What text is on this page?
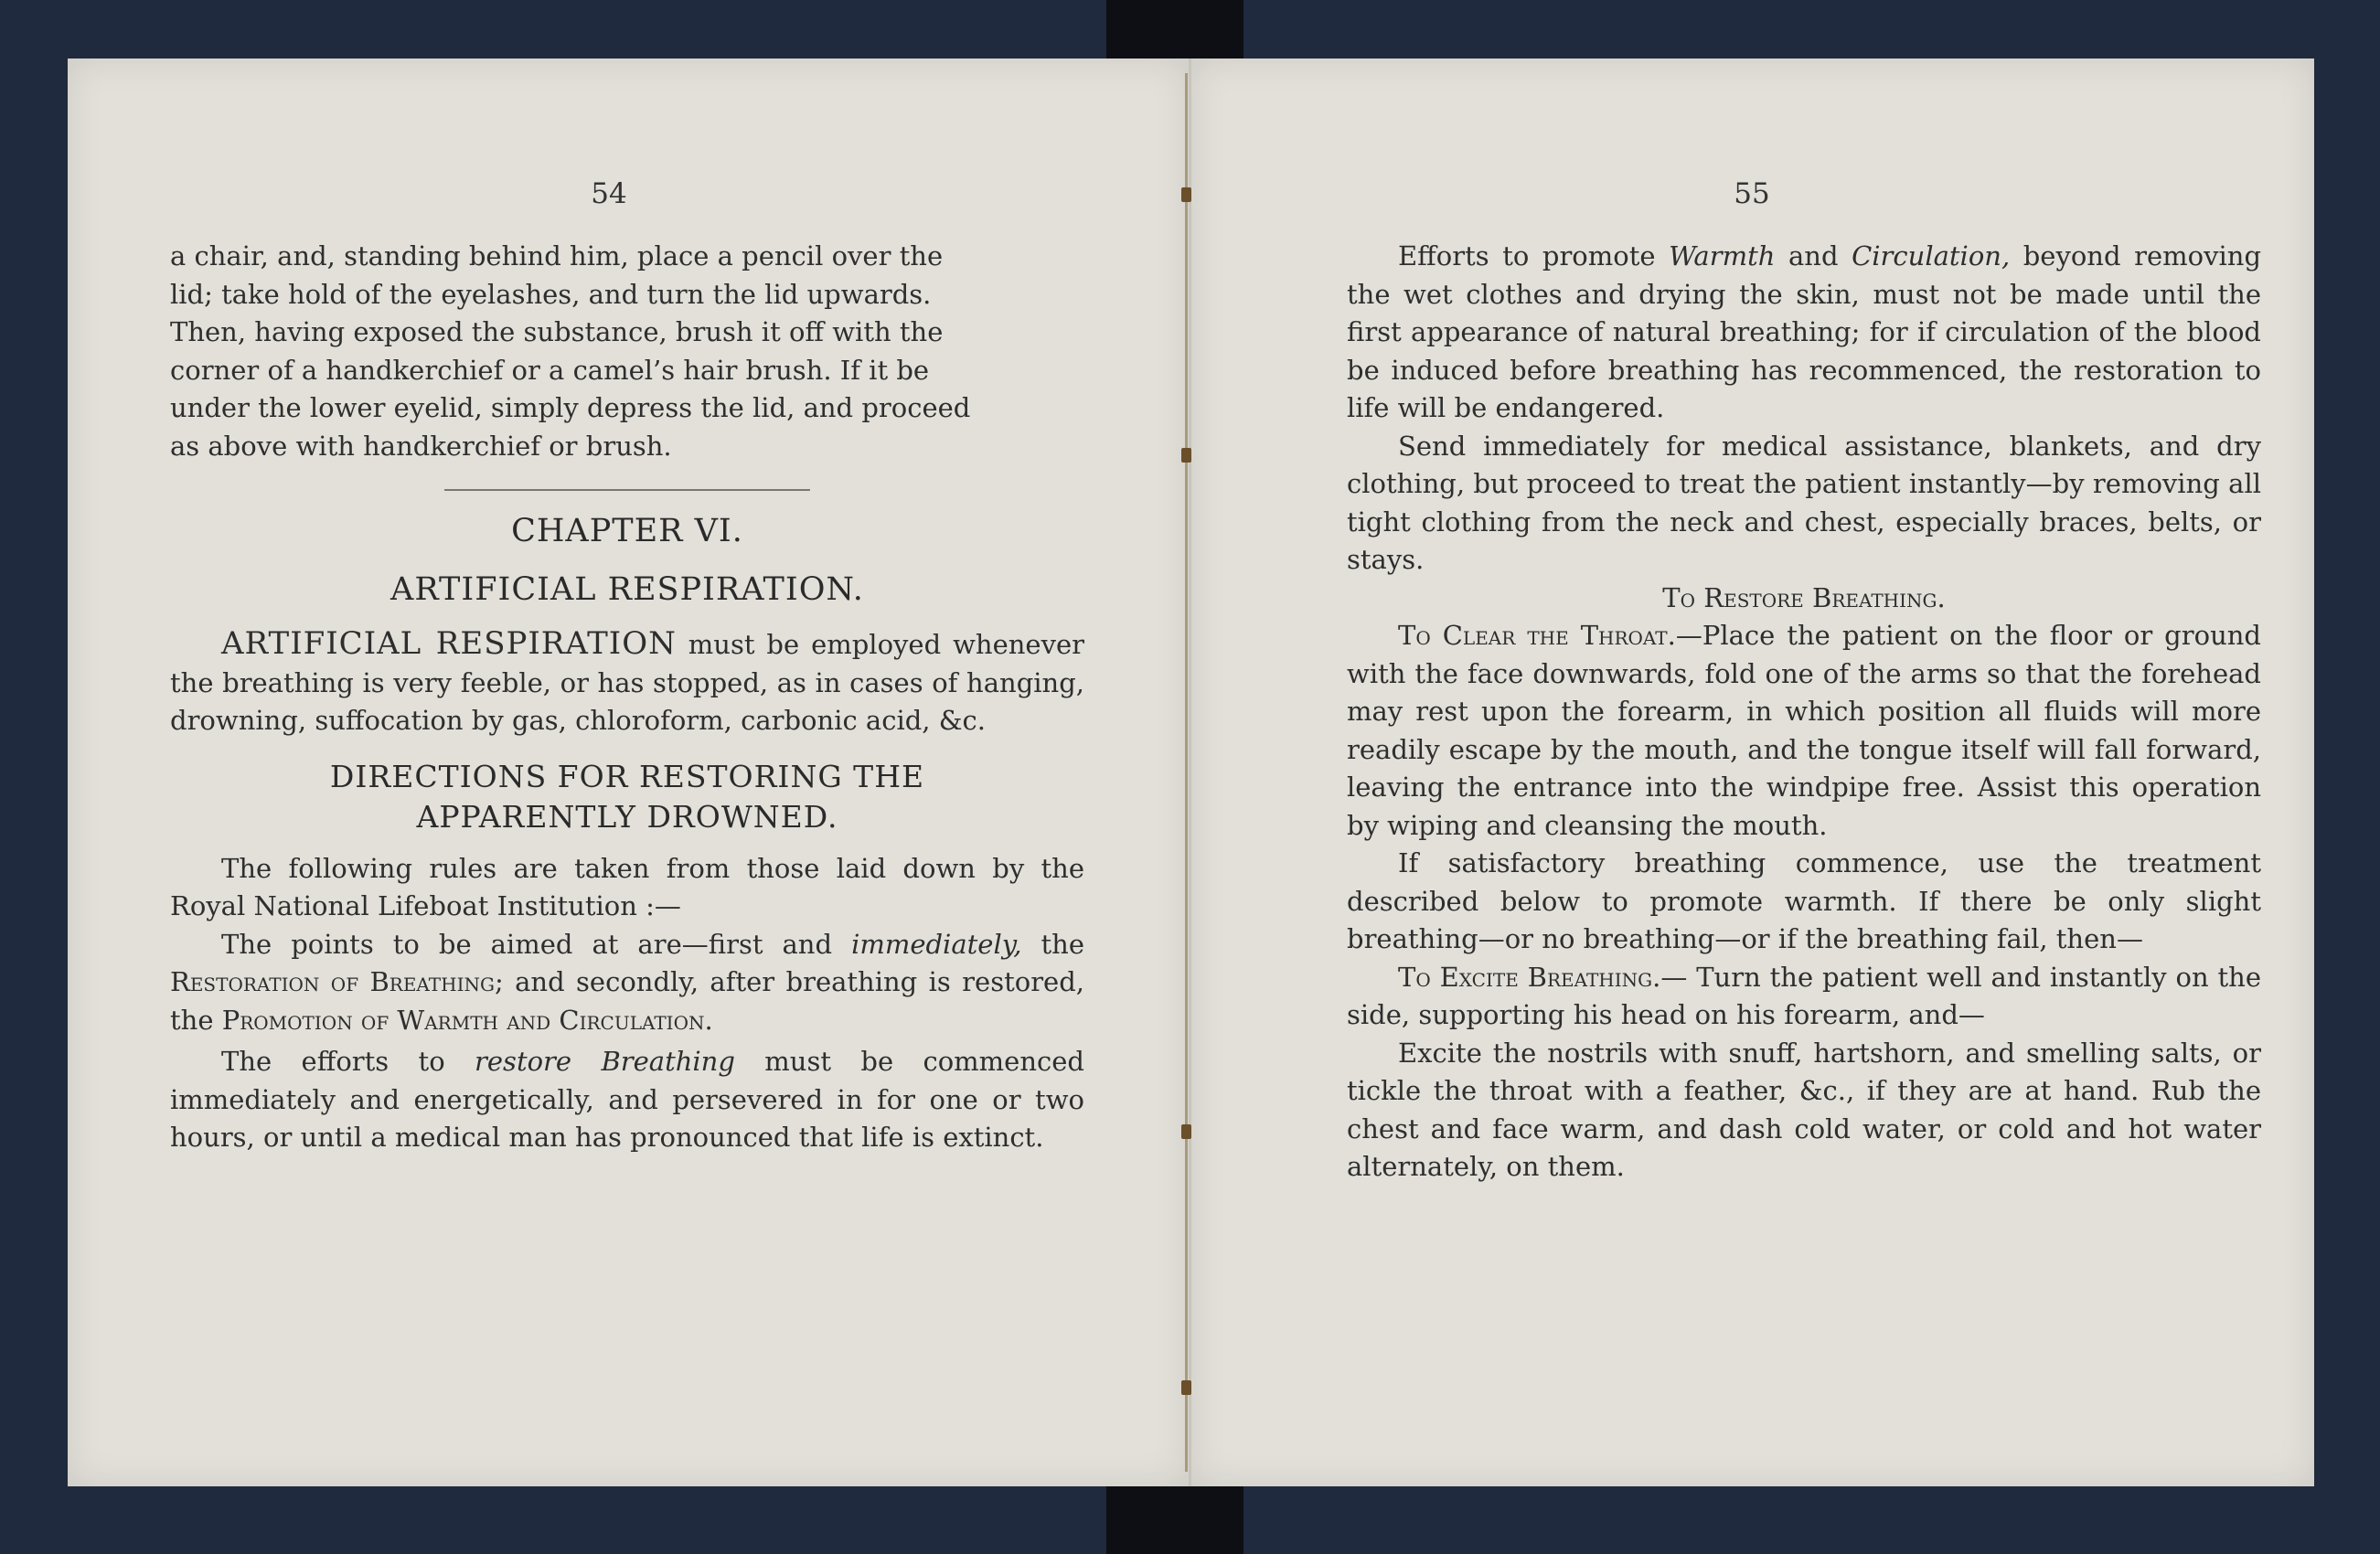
54

a chair, and, standing behind him, place a pencil over the
lid; take hold of the eyelashes, and turn the lid upwards.
Then, having exposed the substance, brush it off with the
corner of a handkerchief or a camel’s hair brush. If it be
under the lower eyelid, simply depress the lid, and proceed
as above with handkerchief or brush.

CHAPTER VI.

ARTIFICIAL RESPIRATION.

ARTIFICIAL RESPIRATION must be employed whenever the breathing is very feeble, or has stopped, as in cases of hanging, drowning, suffocation by gas, chloroform, carbonic acid, &c.

DIRECTIONS FOR RESTORING THE
APPARENTLY DROWNED.

The following rules are taken from those laid down by the Royal National Lifeboat Institution :—

The points to be aimed at are—first and immediately, the Restoration of Breathing; and secondly, after breathing is restored, the Promotion of Warmth and Circulation.

The efforts to restore Breathing must be commenced immediately and energetically, and persevered in for one or two hours, or until a medical man has pronounced that life is extinct.

55

Efforts to promote Warmth and Circulation, beyond removing the wet clothes and drying the skin, must not be made until the first appearance of natural breathing; for if circulation of the blood be induced before breathing has recommenced, the restoration to life will be endangered.

Send immediately for medical assistance, blankets, and dry clothing, but proceed to treat the patient instantly—by removing all tight clothing from the neck and chest, especially braces, belts, or stays.

To Restore Breathing.

To Clear the Throat.—Place the patient on the floor or ground with the face downwards, fold one of the arms so that the forehead may rest upon the forearm, in which position all fluids will more readily escape by the mouth, and the tongue itself will fall forward, leaving the entrance into the windpipe free. Assist this operation by wiping and cleansing the mouth.

If satisfactory breathing commence, use the treatment described below to promote warmth. If there be only slight breathing—or no breathing—or if the breathing fail, then—

To Excite Breathing.— Turn the patient well and instantly on the side, supporting his head on his forearm, and—

Excite the nostrils with snuff, hartshorn, and smelling salts, or tickle the throat with a feather, &c., if they are at hand. Rub the chest and face warm, and dash cold water, or cold and hot water alternately, on them.
